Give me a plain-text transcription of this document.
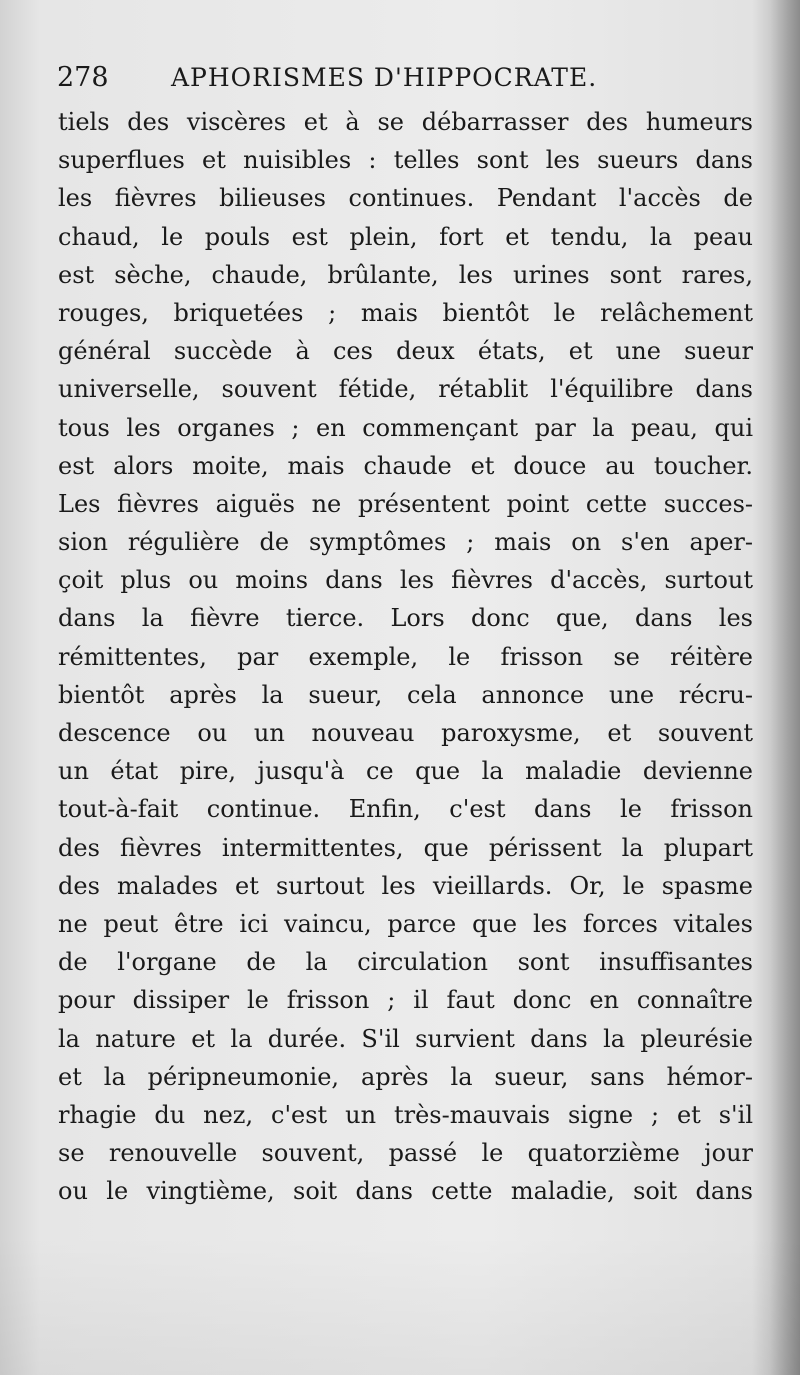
278 APHORISMES D'HIPPOCRATE.
tiels des viscères et à se débarrasser des humeurs
superflues et nuisibles : telles sont les sueurs dans
les fièvres bilieuses continues. Pendant l'accès de
chaud, le pouls est plein, fort et tendu, la peau
est sèche, chaude, brûlante, les urines sont rares,
rouges, briquetées ; mais bientôt le relâchement
général succède à ces deux états, et une sueur
universelle, souvent fétide, rétablit l'équilibre dans
tous les organes ; en commençant par la peau, qui
est alors moite, mais chaude et douce au toucher.
Les fièvres aiguës ne présentent point cette succes-
sion régulière de symptômes ; mais on s'en aper-
çoit plus ou moins dans les fièvres d'accès, surtout
dans la fièvre tierce. Lors donc que, dans les
rémittentes, par exemple, le frisson se réitère
bientôt après la sueur, cela annonce une récru-
descence ou un nouveau paroxysme, et souvent
un état pire, jusqu'à ce que la maladie devienne
tout-à-fait continue. Enfin, c'est dans le frisson
des fièvres intermittentes, que périssent la plupart
des malades et surtout les vieillards. Or, le spasme
ne peut être ici vaincu, parce que les forces vitales
de l'organe de la circulation sont insuffisantes
pour dissiper le frisson ; il faut donc en connaître
la nature et la durée. S'il survient dans la pleurésie
et la péripneumonie, après la sueur, sans hémor-
rhagie du nez, c'est un très-mauvais signe ; et s'il
se renouvelle souvent, passé le quatorzième jour
ou le vingtième, soit dans cette maladie, soit dans
